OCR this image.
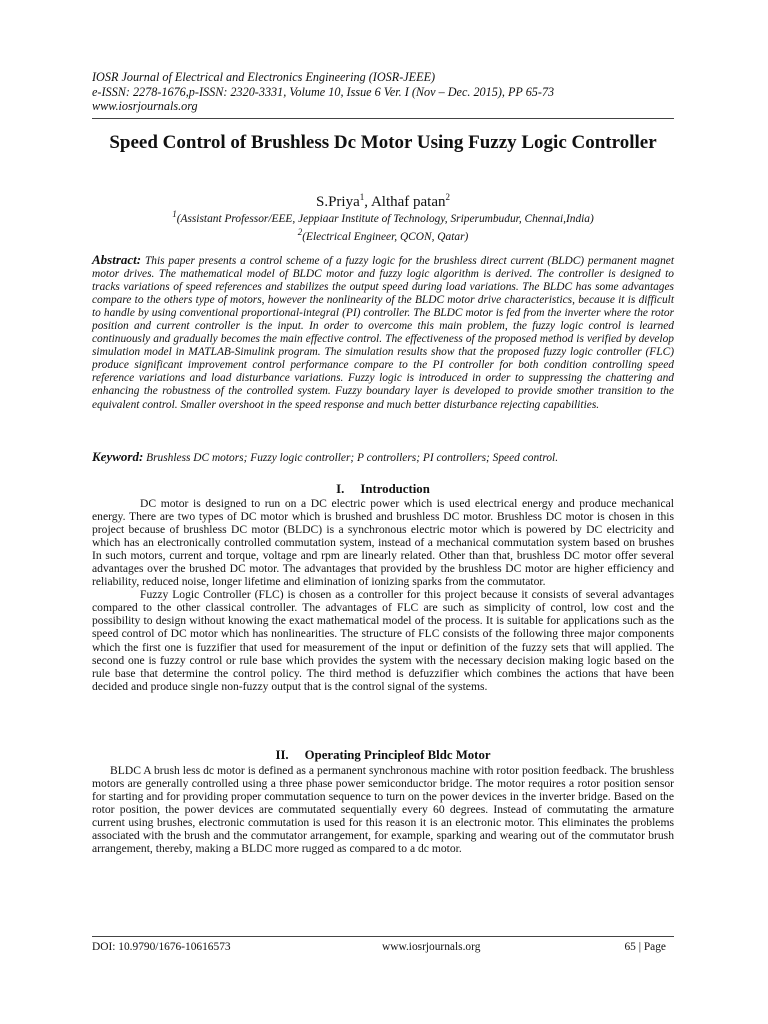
IOSR Journal of Electrical and Electronics Engineering (IOSR-JEEE)
e-ISSN: 2278-1676,p-ISSN: 2320-3331, Volume 10, Issue 6 Ver. I (Nov – Dec. 2015), PP 65-73
www.iosrjournals.org
Speed Control of Brushless Dc Motor Using Fuzzy Logic Controller
S.Priya$^1$, Althaf patan$^2$
$^1$(Assistant Professor/EEE, Jeppiaar Institute of Technology, Sriperumbudur, Chennai,India)
$^2$(Electrical Engineer, QCON, Qatar)
Abstract: This paper presents a control scheme of a fuzzy logic for the brushless direct current (BLDC) permanent magnet motor drives. The mathematical model of BLDC motor and fuzzy logic algorithm is derived. The controller is designed to tracks variations of speed references and stabilizes the output speed during load variations. The BLDC has some advantages compare to the others type of motors, however the nonlinearity of the BLDC motor drive characteristics, because it is difficult to handle by using conventional proportional-integral (PI) controller. The BLDC motor is fed from the inverter where the rotor position and current controller is the input. In order to overcome this main problem, the fuzzy logic control is learned continuously and gradually becomes the main effective control. The effectiveness of the proposed method is verified by develop simulation model in MATLAB-Simulink program. The simulation results show that the proposed fuzzy logic controller (FLC) produce significant improvement control performance compare to the PI controller for both condition controlling speed reference variations and load disturbance variations. Fuzzy logic is introduced in order to suppressing the chattering and enhancing the robustness of the controlled system. Fuzzy boundary layer is developed to provide smother transition to the equivalent control. Smaller overshoot in the speed response and much better disturbance rejecting capabilities.
Keyword: Brushless DC motors; Fuzzy logic controller; P controllers; PI controllers; Speed control.
I. Introduction

DC motor is designed to run on a DC electric power which is used electrical energy and produce mechanical energy. There are two types of DC motor which is brushed and brushless DC motor. Brushless DC motor is chosen in this project because of brushless DC motor (BLDC) is a synchronous electric motor which is powered by DC electricity and which has an electronically controlled commutation system, instead of a mechanical commutation system based on brushes In such motors, current and torque, voltage and rpm are linearly related. Other than that, brushless DC motor offer several advantages over the brushed DC motor. The advantages that provided by the brushless DC motor are higher efficiency and reliability, reduced noise, longer lifetime and elimination of ionizing sparks from the commutator.

Fuzzy Logic Controller (FLC) is chosen as a controller for this project because it consists of several advantages compared to the other classical controller. The advantages of FLC are such as simplicity of control, low cost and the possibility to design without knowing the exact mathematical model of the process. It is suitable for applications such as the speed control of DC motor which has nonlinearities. The structure of FLC consists of the following three major components which the first one is fuzzifier that used for measurement of the input or definition of the fuzzy sets that will applied. The second one is fuzzy control or rule base which provides the system with the necessary decision making logic based on the rule base that determine the control policy. The third method is defuzzifier which combines the actions that have been decided and produce single non-fuzzy output that is the control signal of the systems.

II. Operating Principleof Bldc Motor

BLDC A brush less dc motor is defined as a permanent synchronous machine with rotor position feedback. The brushless motors are generally controlled using a three phase power semiconductor bridge. The motor requires a rotor position sensor for starting and for providing proper commutation sequence to turn on the power devices in the inverter bridge. Based on the rotor position, the power devices are commutated sequentially every 60 degrees. Instead of commutating the armature current using brushes, electronic commutation is used for this reason it is an electronic motor. This eliminates the problems associated with the brush and the commutator arrangement, for example, sparking and wearing out of the commutator brush arrangement, thereby, making a BLDC more rugged as compared to a dc motor.

DOI: 10.9790/1676-10616573	www.iosrjournals.org	65 | Page
